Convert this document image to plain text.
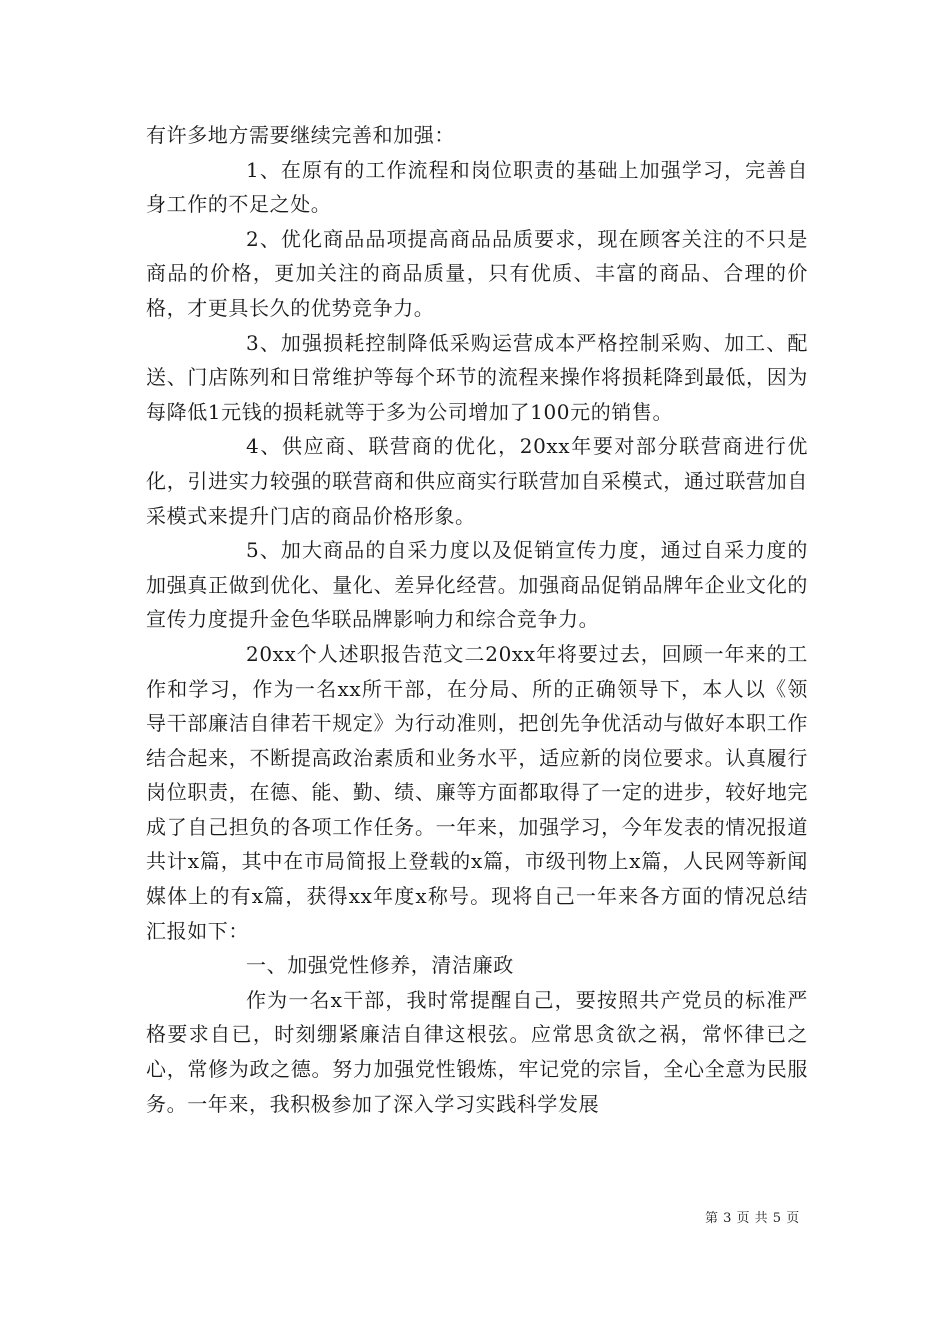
有许多地方需要继续完善和加强：

1、在原有的工作流程和岗位职责的基础上加强学习，完善自身工作的不足之处。

2、优化商品品项提高商品品质要求，现在顾客关注的不只是商品的价格，更加关注的商品质量，只有优质、丰富的商品、合理的价格，才更具长久的优势竞争力。

3、加强损耗控制降低采购运营成本严格控制采购、加工、配送、门店陈列和日常维护等每个环节的流程来操作将损耗降到最低，因为每降低1元钱的损耗就等于多为公司增加了100元的销售。

4、供应商、联营商的优化，20xx年要对部分联营商进行优化，引进实力较强的联营商和供应商实行联营加自采模式，通过联营加自采模式来提升门店的商品价格形象。

5、加大商品的自采力度以及促销宣传力度，通过自采力度的加强真正做到优化、量化、差异化经营。加强商品促销品牌年企业文化的宣传力度提升金色华联品牌影响力和综合竞争力。

20xx个人述职报告范文二20xx年将要过去，回顾一年来的工作和学习，作为一名xx所干部，在分局、所的正确领导下，本人以《领导干部廉洁自律若干规定》为行动准则，把创先争优活动与做好本职工作结合起来，不断提高政治素质和业务水平，适应新的岗位要求。认真履行岗位职责，在德、能、勤、绩、廉等方面都取得了一定的进步，较好地完成了自己担负的各项工作任务。一年来，加强学习，今年发表的情况报道共计x篇，其中在市局简报上登载的x篇，市级刊物上x篇，人民网等新闻媒体上的有x篇，获得xx年度x称号。现将自己一年来各方面的情况总结汇报如下：

一、加强党性修养，清洁廉政

作为一名x干部，我时常提醒自己，要按照共产党员的标准严格要求自已，时刻绷紧廉洁自律这根弦。应常思贪欲之祸，常怀律已之心，常修为政之德。努力加强党性锻炼，牢记党的宗旨，全心全意为民服务。一年来，我积极参加了深入学习实践科学发展

第 3 页 共 5 页
